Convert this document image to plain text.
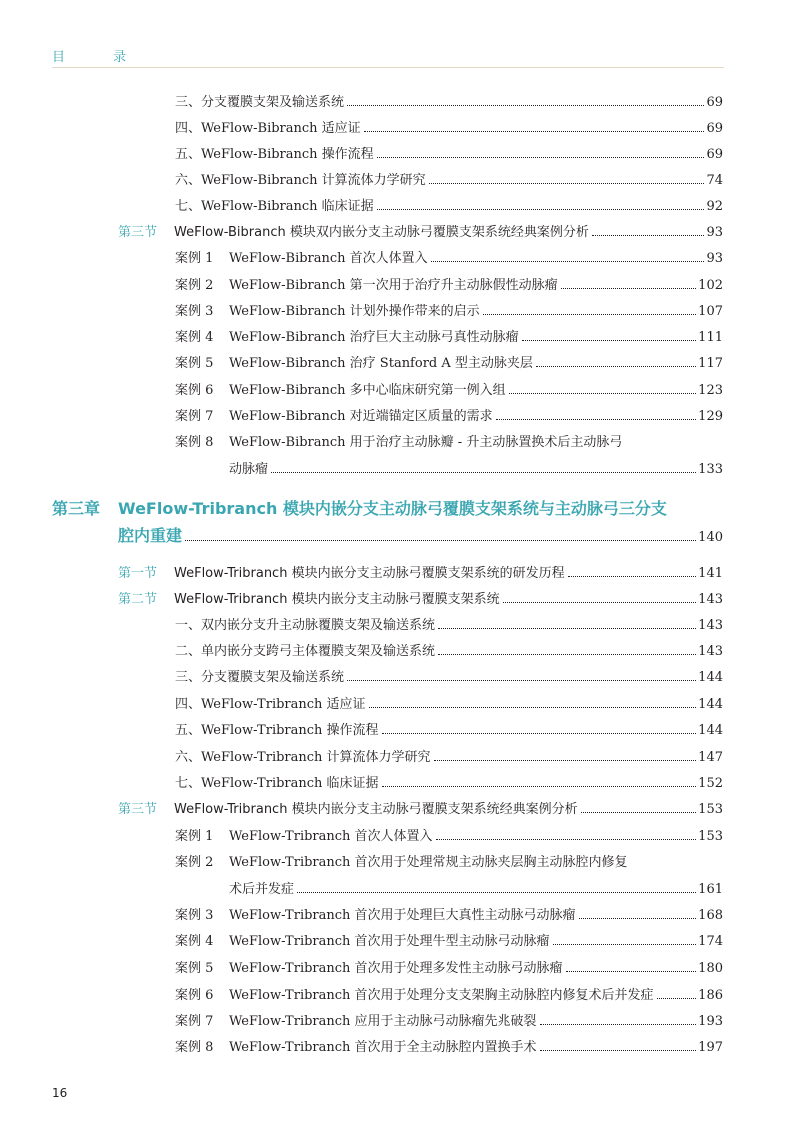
目 录
三、分支覆膜支架及输送系统	69
四、WeFlow-Bibranch 适应证	69
五、WeFlow-Bibranch 操作流程	69
六、WeFlow-Bibranch 计算流体力学研究	74
七、WeFlow-Bibranch 临床证据	92
第三节 WeFlow-Bibranch 模块双内嵌分支主动脉弓覆膜支架系统经典案例分析	93
案例 1 WeFlow-Bibranch 首次人体置入	93
案例 2 WeFlow-Bibranch 第一次用于治疗升主动脉假性动脉瘤	102
案例 3 WeFlow-Bibranch 计划外操作带来的启示	107
案例 4 WeFlow-Bibranch 治疗巨大主动脉弓真性动脉瘤	111
案例 5 WeFlow-Bibranch 治疗 Stanford A 型主动脉夹层	117
案例 6 WeFlow-Bibranch 多中心临床研究第一例入组	123
案例 7 WeFlow-Bibranch 对近端锚定区质量的需求	129
案例 8 WeFlow-Bibranch 用于治疗主动脉瓣 - 升主动脉置换术后主动脉弓
动脉瘤	133
第三章 WeFlow-Tribranch 模块内嵌分支主动脉弓覆膜支架系统与主动脉弓三分支
腔内重建	140
第一节 WeFlow-Tribranch 模块内嵌分支主动脉弓覆膜支架系统的研发历程	141
第二节 WeFlow-Tribranch 模块内嵌分支主动脉弓覆膜支架系统	143
一、双内嵌分支升主动脉覆膜支架及输送系统	143
二、单内嵌分支跨弓主体覆膜支架及输送系统	143
三、分支覆膜支架及输送系统	144
四、WeFlow-Tribranch 适应证	144
五、WeFlow-Tribranch 操作流程	144
六、WeFlow-Tribranch 计算流体力学研究	147
七、WeFlow-Tribranch 临床证据	152
第三节 WeFlow-Tribranch 模块内嵌分支主动脉弓覆膜支架系统经典案例分析	153
案例 1 WeFlow-Tribranch 首次人体置入	153
案例 2 WeFlow-Tribranch 首次用于处理常规主动脉夹层胸主动脉腔内修复
术后并发症	161
案例 3 WeFlow-Tribranch 首次用于处理巨大真性主动脉弓动脉瘤	168
案例 4 WeFlow-Tribranch 首次用于处理牛型主动脉弓动脉瘤	174
案例 5 WeFlow-Tribranch 首次用于处理多发性主动脉弓动脉瘤	180
案例 6 WeFlow-Tribranch 首次用于处理分支支架胸主动脉腔内修复术后并发症	186
案例 7 WeFlow-Tribranch 应用于主动脉弓动脉瘤先兆破裂	193
案例 8 WeFlow-Tribranch 首次用于全主动脉腔内置换手术	197
16
